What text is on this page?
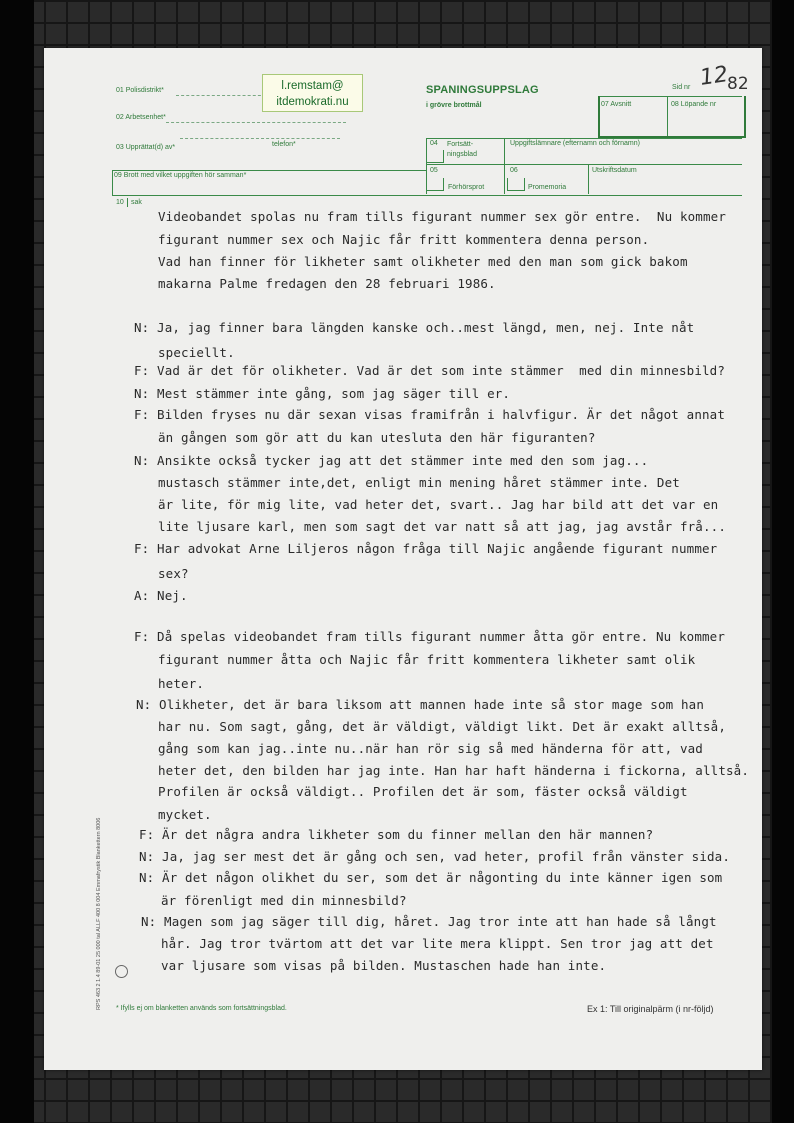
01 Polisdistrikt*
02 Arbetsenhet*
03 Upprättat(d) av*	telefon*
l.remstam@
itdemokrati.nu
SPANINGSUPPSLAG
i grövre brottmål
Sid nr 12
82
07 Avsnitt	08 Löpande nr
04 Fortsätt-
ningsblad
Uppgiftslämnare (efternamn och förnamn)
05	06	Utskriftsdatum
Förhörsprot	Promemoria
09 Brott med vilket uppgiften hör samman*
10 sak
Videobandet spolas nu fram tills figurant nummer sex gör entre.  Nu kommer
figurant nummer sex och Najic får fritt kommentera denna person.
Vad han finner för likheter samt olikheter med den man som gick bakom
makarna Palme fredagen den 28 februari 1986.
N: Ja, jag finner bara längden kanske och..mest längd, men, nej. Inte nåt
speciellt.
F: Vad är det för olikheter. Vad är det som inte stämmer  med din minnesbild?
N: Mest stämmer inte gång, som jag säger till er.
F: Bilden fryses nu där sexan visas framifrån i halvfigur. Är det något annat
än gången som gör att du kan utesluta den här figuranten?
N: Ansikte också tycker jag att det stämmer inte med den som jag...
mustasch stämmer inte,det, enligt min mening håret stämmer inte. Det
är lite, för mig lite, vad heter det, svart.. Jag har bild att det var en
lite ljusare karl, men som sagt det var natt så att jag, jag avstår frå...
F: Har advokat Arne Liljeros någon fråga till Najic angående figurant nummer
sex?
A: Nej.
F: Då spelas videobandet fram tills figurant nummer åtta gör entre. Nu kommer
figurant nummer åtta och Najic får fritt kommentera likheter samt olik
heter.
N: Olikheter, det är bara liksom att mannen hade inte så stor mage som han
har nu. Som sagt, gång, det är väldigt, väldigt likt. Det är exakt alltså,
gång som kan jag..inte nu..när han rör sig så med händerna för att, vad
heter det, den bilden har jag inte. Han har haft händerna i fickorna, alltså.
Profilen är också väldigt.. Profilen det är som, fäster också väldigt
mycket.
F: Är det några andra likheter som du finner mellan den här mannen?
N: Ja, jag ser mest det är gång och sen, vad heter, profil från vänster sida.
N: Är det någon olikhet du ser, som det är någonting du inte känner igen som
är förenligt med din minnesbild?
N: Magen som jag säger till dig, håret. Jag tror inte att han hade så långt
hår. Jag tror tvärtom att det var lite mera klippt. Sen tror jag att det
var ljusare som visas på bilden. Mustaschen hade han inte.
RPS 463 2 1.4 89-01 25 000 tal ALLF 400 8 004 Emmafrystik Blankettern 8006 * Ifylls ej om blanketten används som fortsättningsblad.	Ex 1: Till originalpärm (i nr-följd)
